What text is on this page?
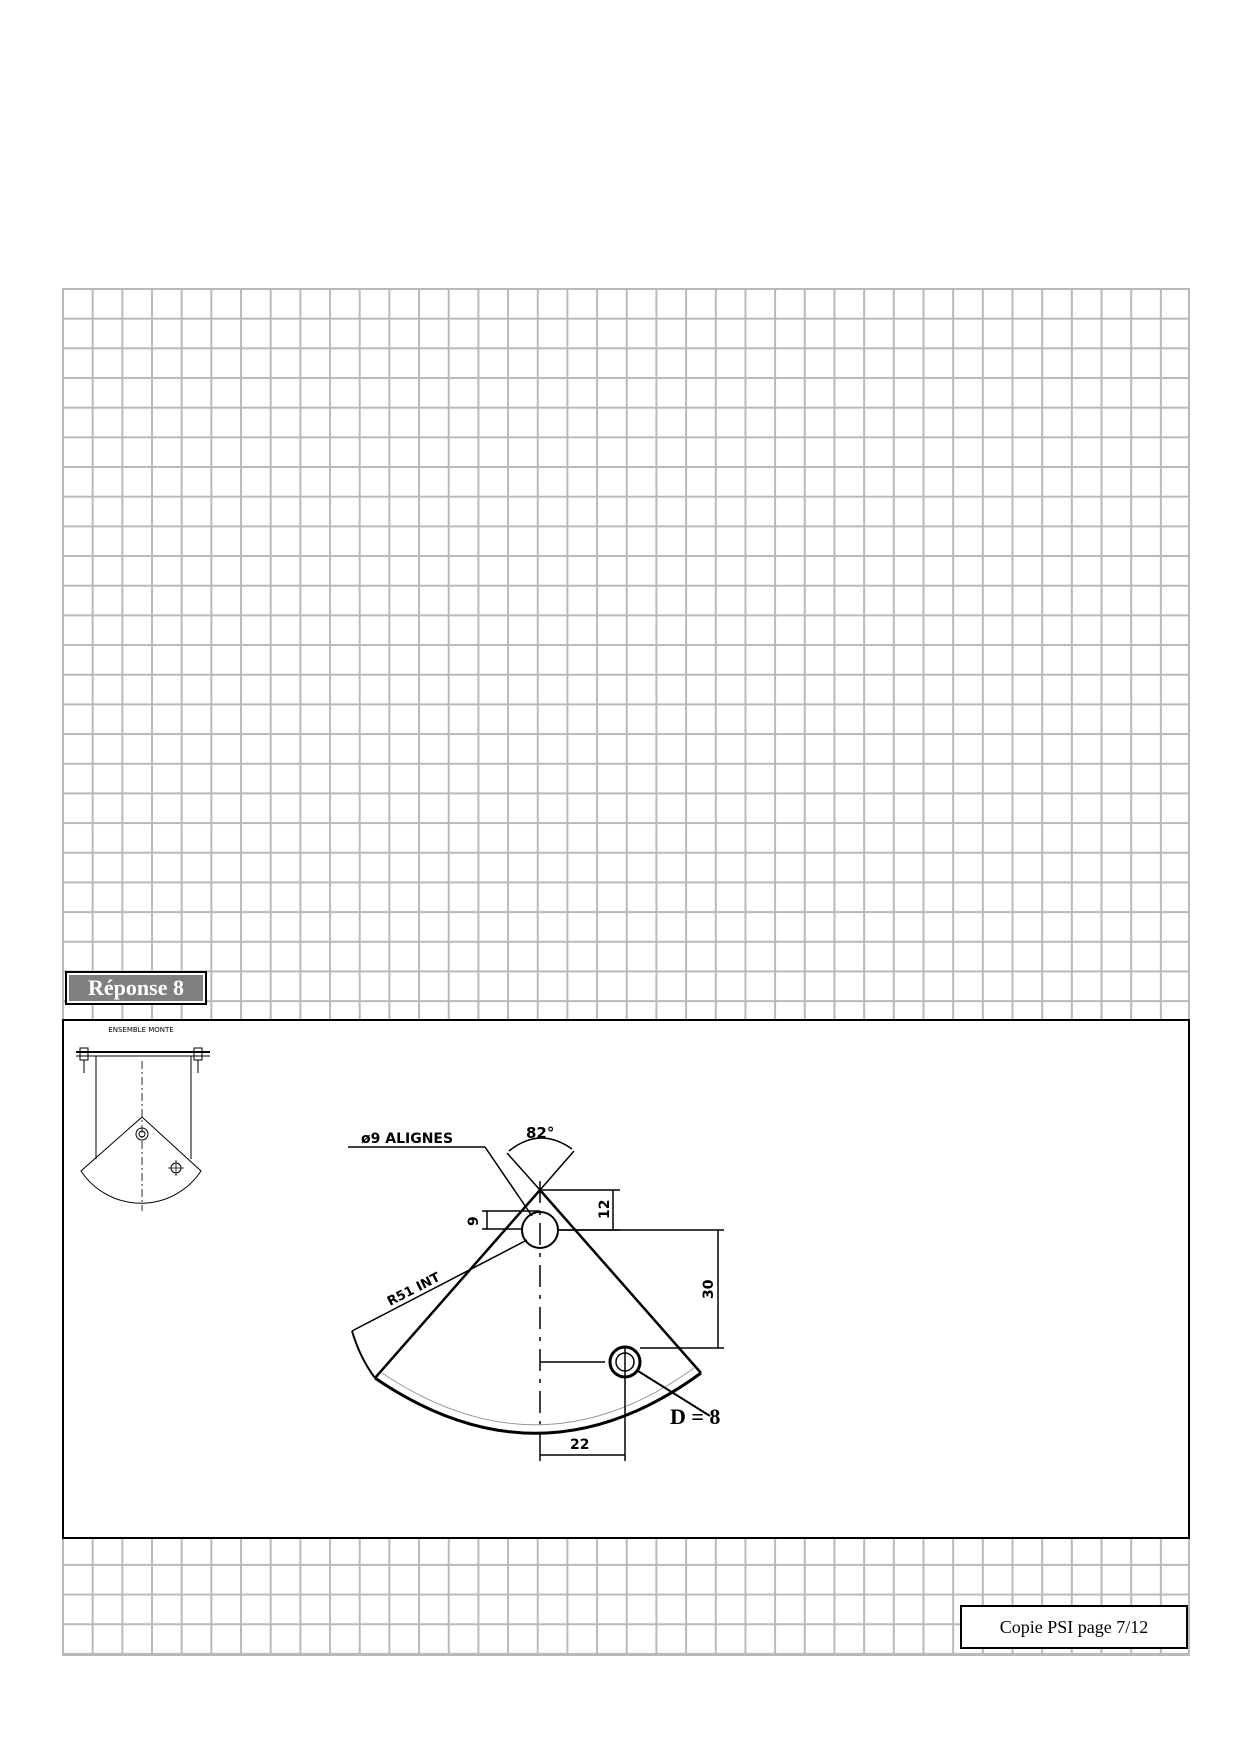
Réponse 8
ENSEMBLE MONTE
82°
9
12
30
22
ø9 ALIGNES
R51 INT

D = 8

Copie PSI page 7/12
